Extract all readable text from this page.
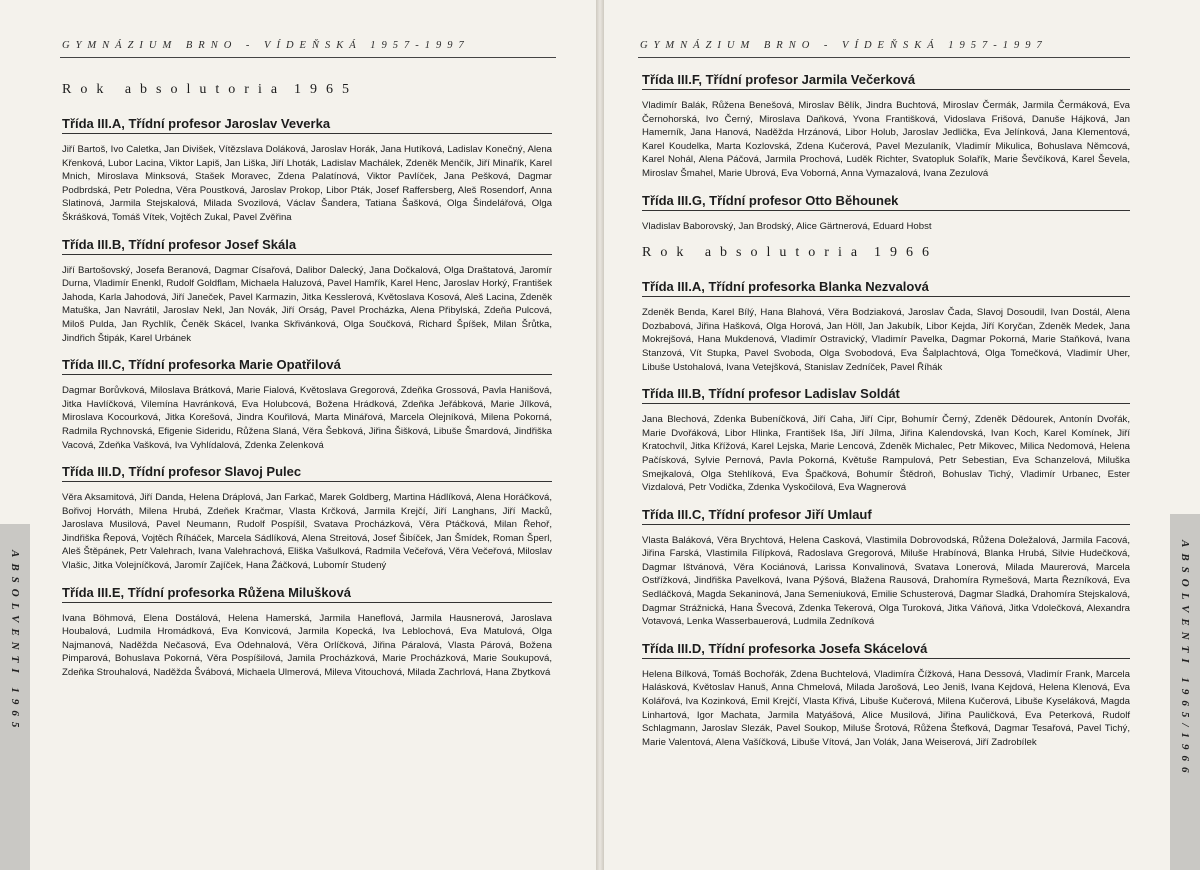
GYMNÁZIUM BRNO - VÍDEŇSKÁ 1957-1997
Rok absolutoria 1965
Třída III.A, Třídní profesor Jaroslav Veverka

Jiří Bartoš, Ivo Caletka, Jan Divišek, Vítězslava Doláková, Jaroslav Horák, Jana Hutíková, Ladislav Konečný, Alena Křenková, Lubor Lacina, Viktor Lapiš, Jan Liška, Jiří Lhoták, Ladislav Machálek, Zdeněk Menčík, Jiří Minařík, Karel Mnich, Miroslava Minksová, Stašek Moravec, Zdena Palatínová, Viktor Pavlíček, Jana Pešková, Dagmar Podbrdská, Petr Poledna, Věra Poustková, Jaroslav Prokop, Libor Pták, Josef Raffersberg, Aleš Rosendorf, Anna Slatinová, Jarmila Stejskalová, Milada Svozilová, Václav Šandera, Tatiana Šašková, Olga Šindelářová, Olga Škrášková, Tomáš Vítek, Vojtěch Zukal, Pavel Zvěřina

Třída III.B, Třídní profesor Josef Skála

Jiří Bartošovský, Josefa Beranová, Dagmar Císařová, Dalibor Dalecký, Jana Dočkalová, Olga Draštatová, Jaromír Durna, Vladimír Enenkl, Rudolf Goldflam, Michaela Haluzová, Pavel Hamřík, Karel Henc, Jaroslav Horký, František Jahoda, Karla Jahodová, Jiří Janeček, Pavel Karmazin, Jitka Kesslerová, Květoslava Kosová, Aleš Lacina, Zdeněk Matuška, Jan Navrátil, Jaroslav Nekl, Jan Novák, Jiří Orság, Pavel Procházka, Alena Přibylská, Zdeňa Pulcová, Miloš Pulda, Jan Rychlík, Čeněk Skácel, Ivanka Skřivánková, Olga Součková, Richard Špíšek, Milan Šrůtka, Jindřich Štipák, Karel Urbánek

Třída III.C, Třídní profesorka Marie Opatřilová

Dagmar Borůvková, Miloslava Brátková, Marie Fialová, Květoslava Gregorová, Zdeňka Grossová, Pavla Hanišová, Jitka Havlíčková, Vilemína Havránková, Eva Holubcová, Božena Hrádková, Zdeňka Jeřábková, Marie Jílková, Miroslava Kocourková, Jitka Korešová, Jindra Kouřilová, Marta Minářová, Marcela Olejníková, Milena Pokorná, Radmila Rychnovská, Efigenie Sideridu, Růžena Slaná, Věra Šebková, Jiřina Šišková, Libuše Šmardová, Jindřiška Vacová, Zdeňka Vašková, Iva Vyhlídalová, Zdenka Zelenková

Třída III.D, Třídní profesor Slavoj Pulec

Věra Aksamitová, Jiří Danda, Helena Dráplová, Jan Farkač, Marek Goldberg, Martina Hádlíková, Alena Horáčková, Bořivoj Horváth, Milena Hrubá, Zdeňek Kračmar, Vlasta Krčková, Jarmila Krejčí, Jiří Langhans, Jiří Macků, Jaroslava Musilová, Pavel Neumann, Rudolf Pospíšil, Svatava Procházková, Věra Ptáčková, Milan Řehoř, Jindřiška Řepová, Vojtěch Říháček, Marcela Sádlíková, Alena Streitová, Josef Šibíček, Jan Šmídek, Roman Šperl, Aleš Štěpánek, Petr Valehrach, Ivana Valehrachová, Eliška Vašulková, Radmila Večeřová, Věra Večeřová, Miloslav Vlašic, Jitka Volejníčková, Jaromír Zajíček, Hana Žáčková, Lubomír Studený

Třída III.E, Třídní profesorka Růžena Milušková

Ivana Böhmová, Elena Dostálová, Helena Hamerská, Jarmila Haneflová, Jarmila Hausnerová, Jaroslava Houbalová, Ludmila Hromádková, Eva Konvicová, Jarmila Kopecká, Iva Leblochová, Eva Matulová, Olga Najmanová, Naděžda Nečasová, Eva Odehnalová, Věra Orlíčková, Jiřina Páralová, Vlasta Párová, Božena Pimparová, Bohuslava Pokorná, Věra Pospíšilová, Jamila Procházková, Marie Procházková, Marie Soukupová, Zdeňka Strouhalová, Naděžda Švábová, Michaela Ulmerová, Mileva Vitouchová, Milada Zachrlová, Hana Zbytková

ABSOLVENTI 1965
GYMNÁZIUM BRNO - VÍDEŇSKÁ 1957-1997
Třída III.F, Třídní profesor Jarmila Večerková

Vladimír Balák, Růžena Benešová, Miroslav Bělík, Jindra Buchtová, Miroslav Čermák, Jarmila Čermáková, Eva Černohorská, Ivo Černý, Miroslava Daňková, Yvona Františková, Vidoslava Frišová, Danuše Hájková, Jan Hamerník, Jana Hanová, Naděžda Hrzánová, Libor Holub, Jaroslav Jedlička, Eva Jelínková, Jana Klementová, Karel Koudelka, Marta Kozlovská, Zdena Kučerová, Pavel Mezulaník, Vladimír Mikulica, Bohuslava Němcová, Karel Nohál, Alena Páčová, Jarmila Prochová, Luděk Richter, Svatopluk Solařík, Marie Ševčíková, Karel Ševela, Miroslav Šmahel, Marie Ubrová, Eva Voborná, Anna Vymazalová, Ivana Zezulová

Třída III.G, Třídní profesor Otto Běhounek

Vladislav Baborovský, Jan Brodský, Alice Gärtnerová, Eduard Hobst

Rok absolutoria 1966
Třída III.A, Třídní profesorka Blanka Nezvalová

Zdeněk Benda, Karel Bílý, Hana Blahová, Věra Bodziaková, Jaroslav Čada, Slavoj Dosoudil, Ivan Dostál, Alena Dozbabová, Jiřina Hašková, Olga Horová, Jan Höll, Jan Jakubík, Libor Kejda, Jiří Koryčan, Zdeněk Medek, Jana Mokrejšová, Hana Mukdenová, Vladimír Ostravický, Vladimír Pavelka, Dagmar Pokorná, Marie Staňková, Ivana Stanzová, Vít Stupka, Pavel Svoboda, Olga Svobodová, Eva Šalplachtová, Olga Tomečková, Vladimír Uher, Libuše Ustohalová, Ivana Vetejšková, Stanislav Zedníček, Pavel Říhák

Třída III.B, Třídní profesor Ladislav Soldát

Jana Blechová, Zdenka Bubeníčková, Jiří Caha, Jiří Cipr, Bohumír Černý, Zdeněk Dědourek, Antonín Dvořák, Marie Dvořáková, Libor Hlinka, František Iša, Jiří Jílma, Jiřina Kalendovská, Ivan Koch, Karel Komínek, Jiří Kratochvíl, Jitka Křížová, Karel Lejska, Marie Lencová, Zdeněk Michalec, Petr Mikovec, Milica Nedomová, Helena Pačísková, Sylvie Pernová, Pavla Pokorná, Květuše Rampulová, Petr Sebestian, Eva Schanzelová, Miluška Smejkalová, Olga Stehlíková, Eva Špačková, Bohumír Štědroň, Bohuslav Tichý, Vladimír Urbanec, Ester Vizdalová, Petr Vodička, Zdenka Vyskočilová, Eva Wagnerová

Třída III.C, Třídní profesor Jiří Umlauf

Vlasta Baláková, Věra Brychtová, Helena Casková, Vlastimila Dobrovodská, Růžena Doležalová, Jarmila Facová, Jiřina Farská, Vlastimila Filípková, Radoslava Gregorová, Miluše Hrabínová, Blanka Hrubá, Silvie Hudečková, Dagmar Ištvánová, Věra Kociánová, Larissa Konvalinová, Svatava Lonerová, Milada Maurerová, Marcela Ostřížková, Jindřiška Pavelková, Ivana Pýšová, Blažena Rausová, Drahomíra Rymešová, Marta Řezníková, Eva Sedláčková, Magda Sekaninová, Jana Semeniuková, Emilie Schusterová, Dagmar Sladká, Drahomíra Stejskalová, Dagmar Strážnická, Hana Švecová, Zdenka Tekerová, Olga Turoková, Jitka Váňová, Jitka Vdolečková, Alexandra Votavová, Lenka Wasserbauerová, Ludmila Zedníková

Třída III.D, Třídní profesorka Josefa Skácelová

Helena Bílková, Tomáš Bochořák, Zdena Buchtelová, Vladimíra Čížková, Hana Dessová, Vladimír Frank, Marcela Halásková, Květoslav Hanuš, Anna Chmelová, Milada Jarošová, Leo Jeniš, Ivana Kejdová, Helena Klenová, Eva Kolářová, Iva Kozinková, Emil Krejčí, Vlasta Křivá, Libuše Kučerová, Milena Kučerová, Libuše Kyseláková, Magda Linhartová, Igor Machata, Jarmila Matyášová, Alice Musilová, Jiřina Pauličková, Eva Peterková, Rudolf Schlagmann, Jaroslav Slezák, Pavel Soukop, Miluše Šrotová, Růžena Štefková, Dagmar Tesařová, Pavel Tichý, Marie Valentová, Alena Vašíčková, Libuše Vítová, Jan Volák, Jana Weiserová, Jiří Zadrobílek	ABSOLVENTI 1965/1966
